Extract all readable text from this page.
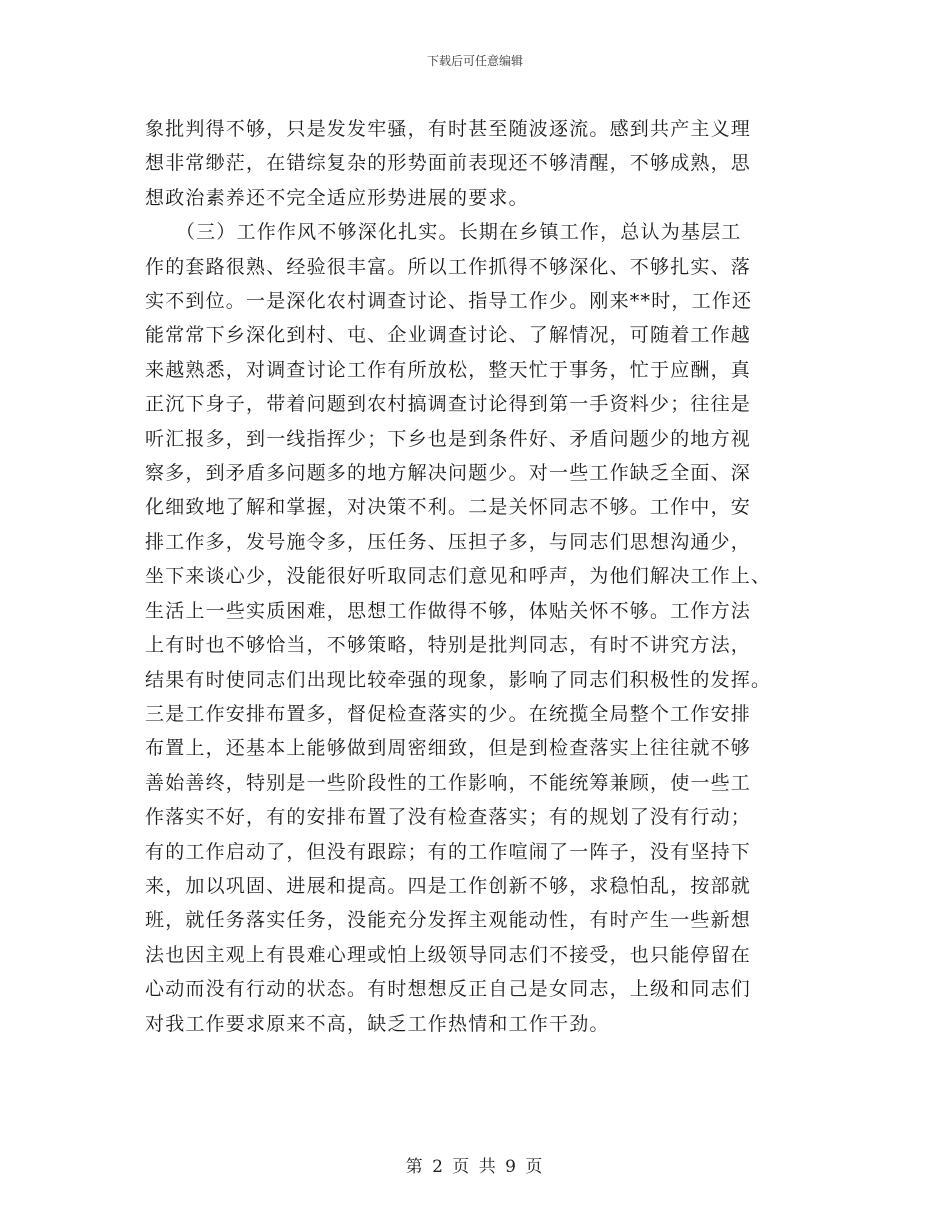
下载后可任意编辑
象批判得不够，只是发发牢骚，有时甚至随波逐流。感到共产主义理
想非常缈茫，在错综复杂的形势面前表现还不够清醒，不够成熟，思
想政治素养还不完全适应形势进展的要求。
　　（三）工作作风不够深化扎实。长期在乡镇工作，总认为基层工
作的套路很熟、经验很丰富。所以工作抓得不够深化、不够扎实、落
实不到位。一是深化农村调查讨论、指导工作少。刚来**时，工作还
能常常下乡深化到村、屯、企业调查讨论、了解情况，可随着工作越
来越熟悉，对调查讨论工作有所放松，整天忙于事务，忙于应酬，真
正沉下身子，带着问题到农村搞调查讨论得到第一手资料少；往往是
听汇报多，到一线指挥少；下乡也是到条件好、矛盾问题少的地方视
察多，到矛盾多问题多的地方解决问题少。对一些工作缺乏全面、深
化细致地了解和掌握，对决策不利。二是关怀同志不够。工作中，安
排工作多，发号施令多，压任务、压担子多，与同志们思想沟通少，
坐下来谈心少，没能很好听取同志们意见和呼声，为他们解决工作上、
生活上一些实质困难，思想工作做得不够，体贴关怀不够。工作方法
上有时也不够恰当，不够策略，特别是批判同志，有时不讲究方法，
结果有时使同志们出现比较牵强的现象，影响了同志们积极性的发挥。
三是工作安排布置多，督促检查落实的少。在统揽全局整个工作安排
布置上，还基本上能够做到周密细致，但是到检查落实上往往就不够
善始善终，特别是一些阶段性的工作影响，不能统筹兼顾，使一些工
作落实不好，有的安排布置了没有检查落实；有的规划了没有行动；
有的工作启动了，但没有跟踪；有的工作喧闹了一阵子，没有坚持下
来，加以巩固、进展和提高。四是工作创新不够，求稳怕乱，按部就
班，就任务落实任务，没能充分发挥主观能动性，有时产生一些新想
法也因主观上有畏难心理或怕上级领导同志们不接受，也只能停留在
心动而没有行动的状态。有时想想反正自己是女同志，上级和同志们
对我工作要求原来不高，缺乏工作热情和工作干劲。
第 2 页 共 9 页
